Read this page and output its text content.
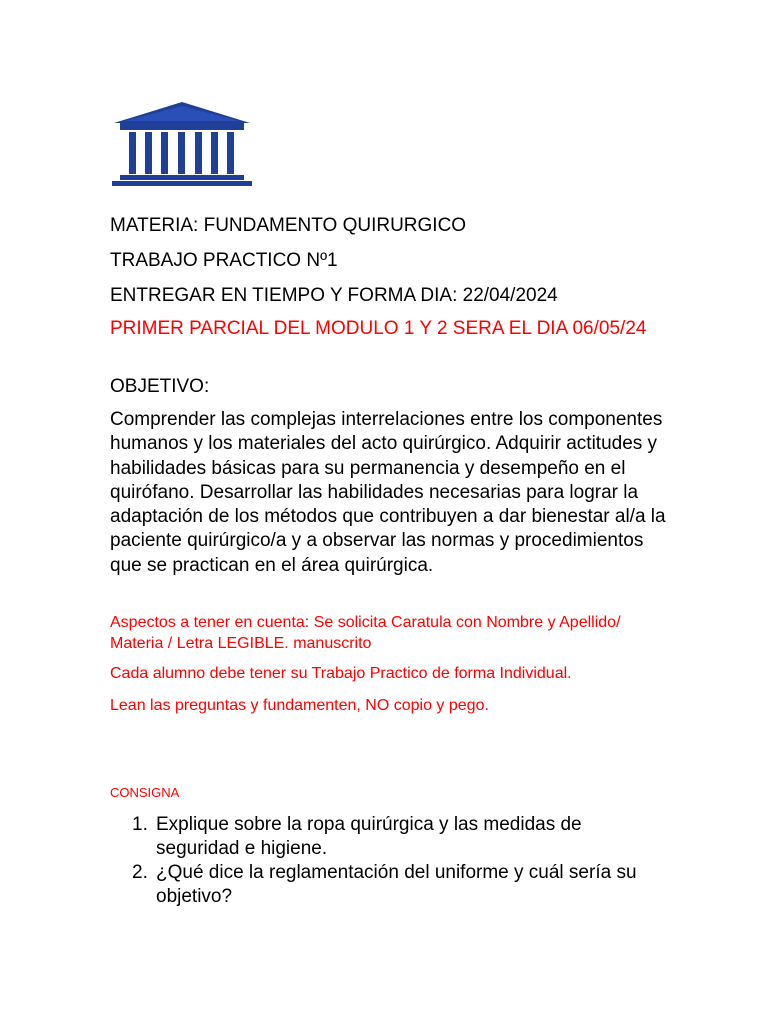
MATERIA: FUNDAMENTO QUIRURGICO

TRABAJO PRACTICO Nº1

ENTREGAR EN TIEMPO Y FORMA DIA: 22/04/2024

PRIMER PARCIAL DEL MODULO 1 Y 2 SERA EL DIA 06/05/24

OBJETIVO:

Comprender las complejas interrelaciones entre los componentes humanos y los materiales del acto quirúrgico. Adquirir actitudes y habilidades básicas para su permanencia y desempeño en el quirófano. Desarrollar las habilidades necesarias para lograr la adaptación de los métodos que contribuyen a dar bienestar al/a la paciente quirúrgico/a y a observar las normas y procedimientos que se practican en el área quirúrgica.

Aspectos a tener en cuenta: Se solicita Caratula con Nombre y Apellido/ Materia / Letra LEGIBLE. manuscrito

Cada alumno debe tener su Trabajo Practico de forma Individual.

Lean las preguntas y fundamenten, NO copio y pego.

CONSIGNA

1. Explique sobre la ropa quirúrgica y las medidas de seguridad e higiene.
2. ¿Qué dice la reglamentación del uniforme y cuál sería su objetivo?
